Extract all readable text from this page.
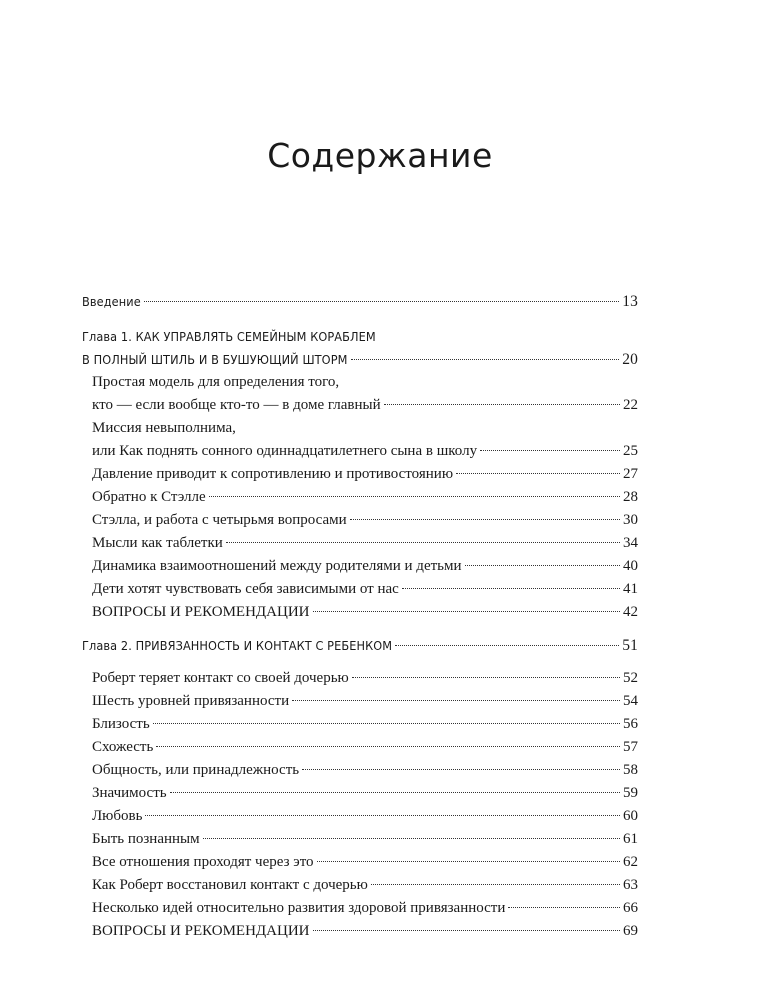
Содержание
Введение	13
Глава 1. КАК УПРАВЛЯТЬ СЕМЕЙНЫМ КОРАБЛЕМ
В ПОЛНЫЙ ШТИЛЬ И В БУШУЮЩИЙ ШТОРМ	20
Простая модель для определения того,
кто — если вообще кто-то — в доме главный	22
Миссия невыполнима,
или Как поднять сонного одиннадцатилетнего сына в школу	25
Давление приводит к сопротивлению и противостоянию	27
Обратно к Стэлле	28
Стэлла, и работа с четырьмя вопросами	30
Мысли как таблетки	34
Динамика взаимоотношений между родителями и детьми	40
Дети хотят чувствовать себя зависимыми от нас	41
ВОПРОСЫ И РЕКОМЕНДАЦИИ	42
Глава 2. ПРИВЯЗАННОСТЬ И КОНТАКТ С РЕБЕНКОМ	51
Роберт теряет контакт со своей дочерью	52
Шесть уровней привязанности	54
Близость	56
Схожесть	57
Общность, или принадлежность	58
Значимость	59
Любовь	60
Быть познанным	61
Все отношения проходят через это	62
Как Роберт восстановил контакт с дочерью	63
Несколько идей относительно развития здоровой привязанности	66
ВОПРОСЫ И РЕКОМЕНДАЦИИ	69
